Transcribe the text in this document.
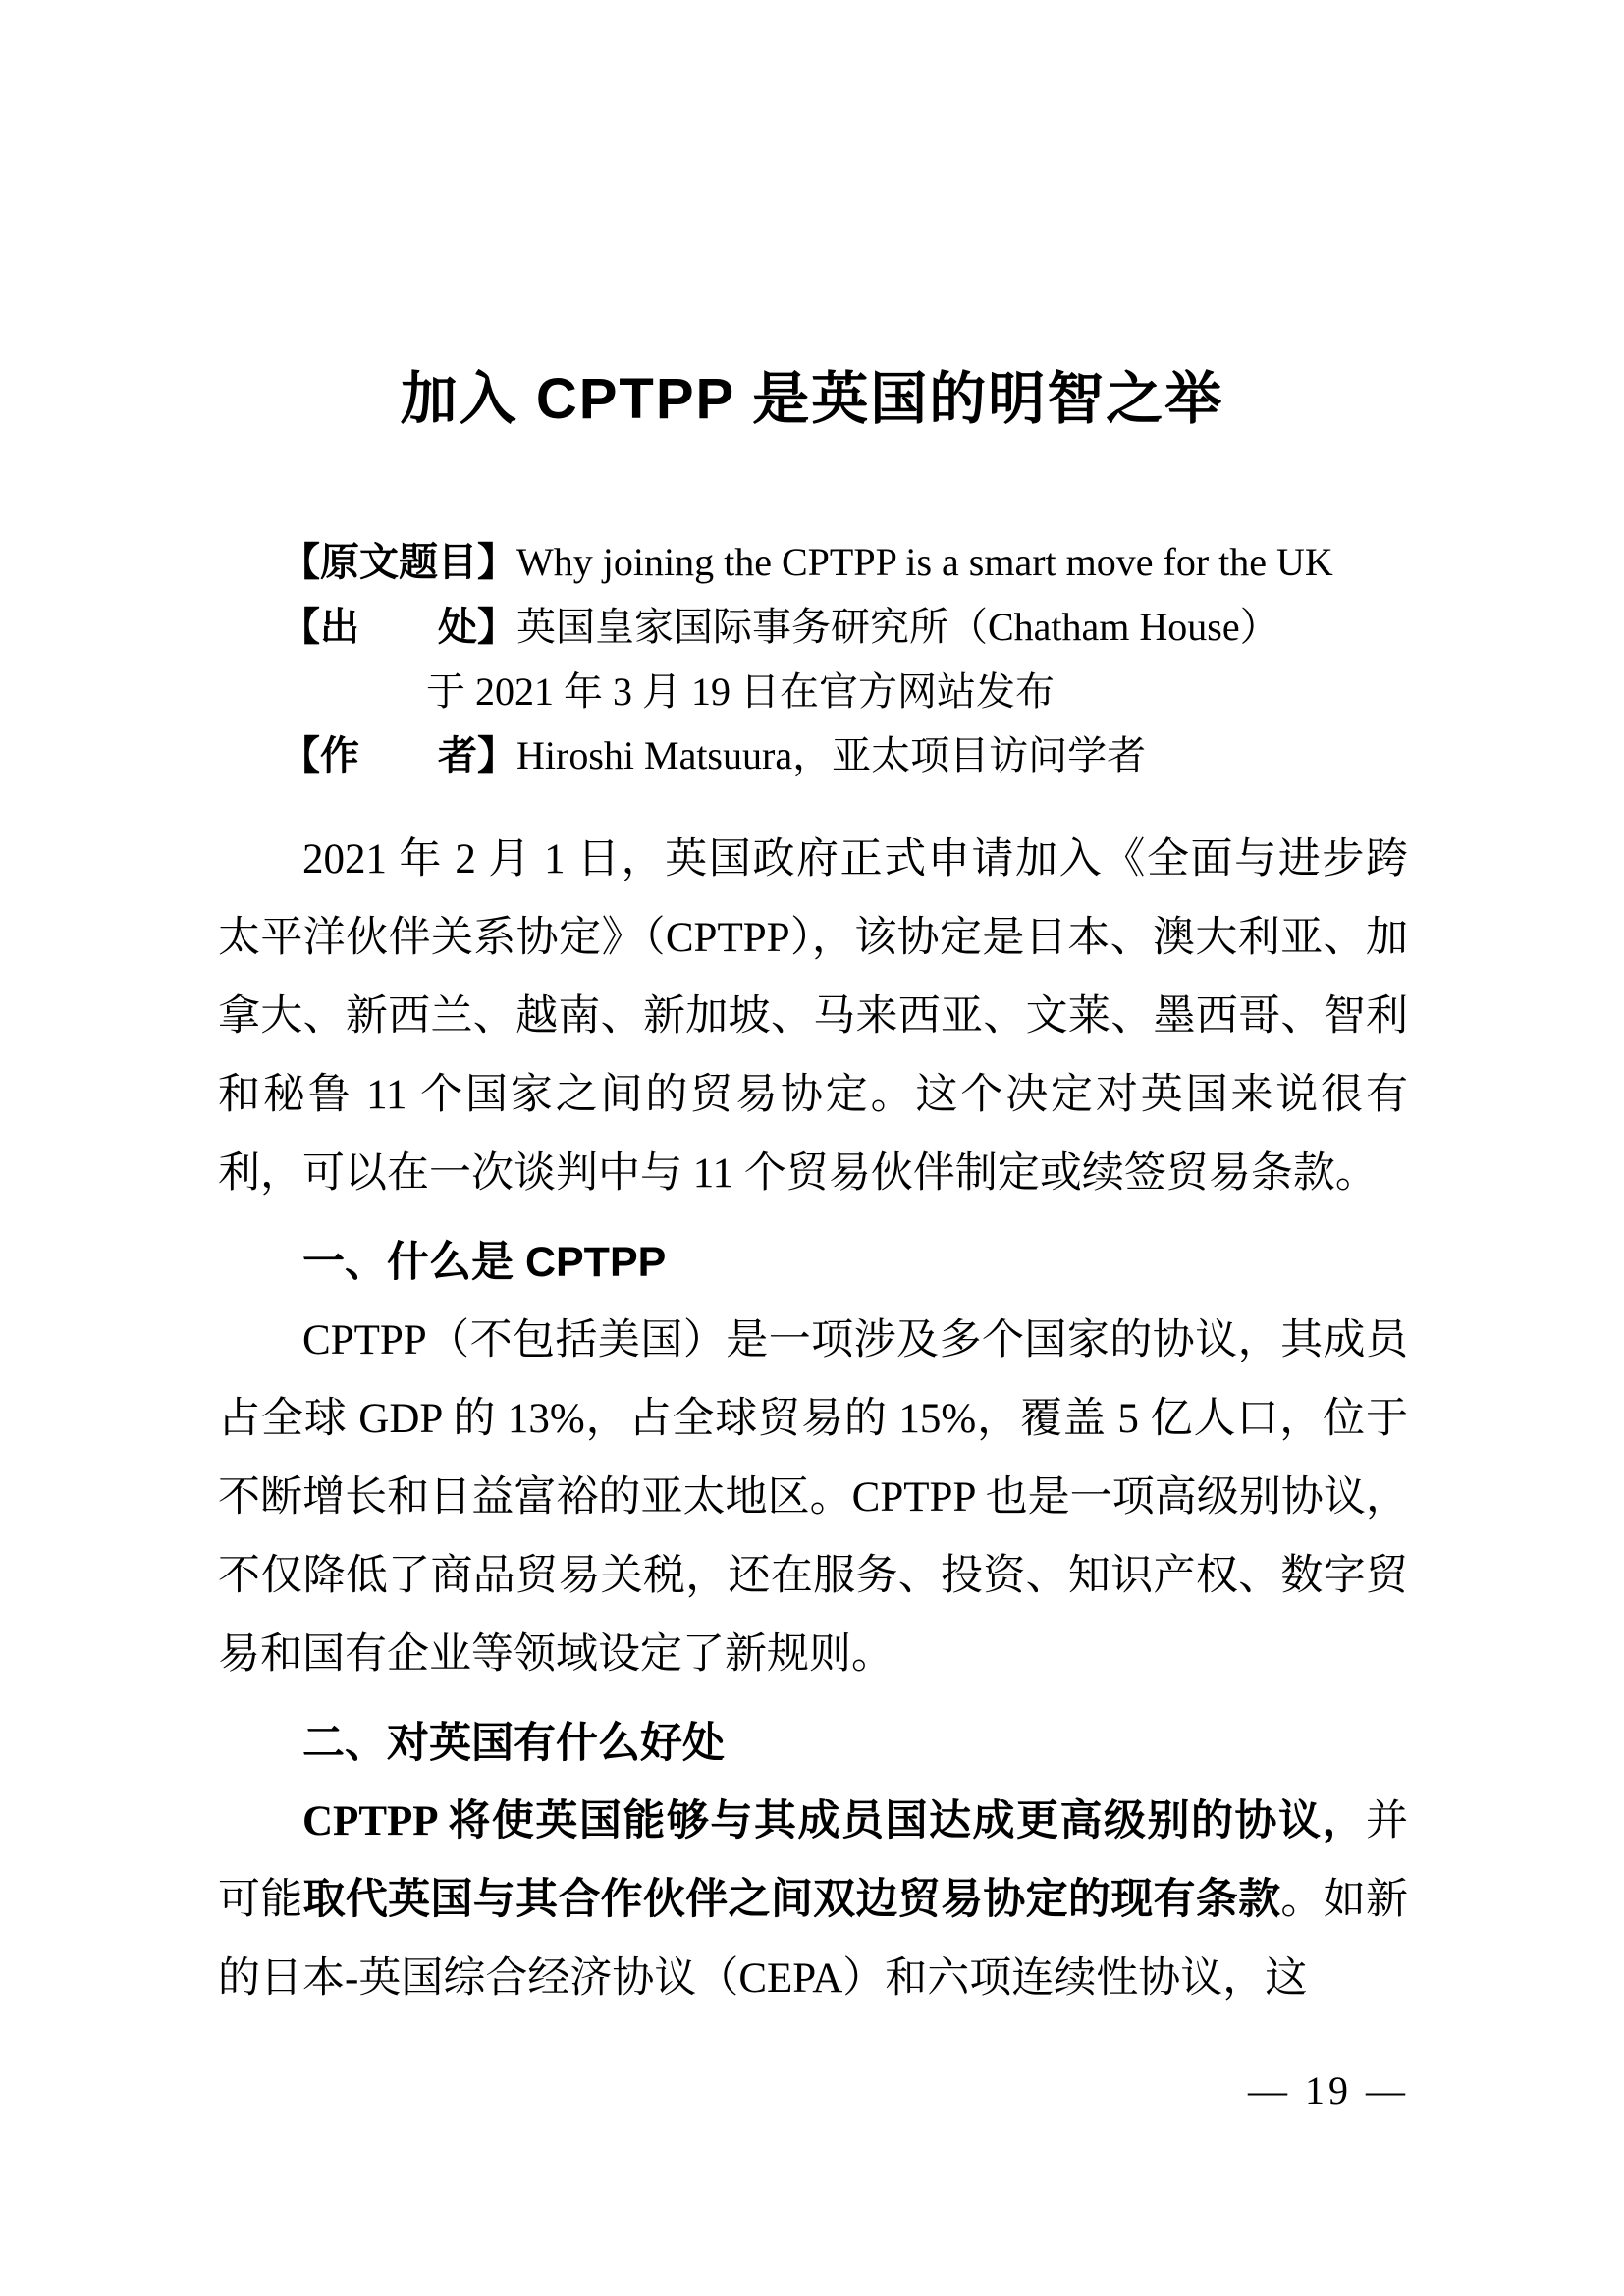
加入 CPTPP 是英国的明智之举
【原文题目】Why joining the CPTPP is a smart move for the UK
【出　　处】英国皇家国际事务研究所（Chatham House）
于 2021 年 3 月 19 日在官方网站发布
【作　　者】Hiroshi Matsuura，亚太项目访问学者

2021 年 2 月 1 日，英国政府正式申请加入《全面与进步跨太平洋伙伴关系协定》（CPTPP），该协定是日本、澳大利亚、加拿大、新西兰、越南、新加坡、马来西亚、文莱、墨西哥、智利和秘鲁 11 个国家之间的贸易协定。这个决定对英国来说很有利，可以在一次谈判中与 11 个贸易伙伴制定或续签贸易条款。

一、什么是 CPTPP

CPTPP（不包括美国）是一项涉及多个国家的协议，其成员占全球 GDP 的 13%，占全球贸易的 15%，覆盖 5 亿人口，位于不断增长和日益富裕的亚太地区。CPTPP 也是一项高级别协议，不仅降低了商品贸易关税，还在服务、投资、知识产权、数字贸易和国有企业等领域设定了新规则。

二、对英国有什么好处

CPTPP 将使英国能够与其成员国达成更高级别的协议，并可能取代英国与其合作伙伴之间双边贸易协定的现有条款。如新的日本-英国综合经济协议（CEPA）和六项连续性协议，这

— 19 —
